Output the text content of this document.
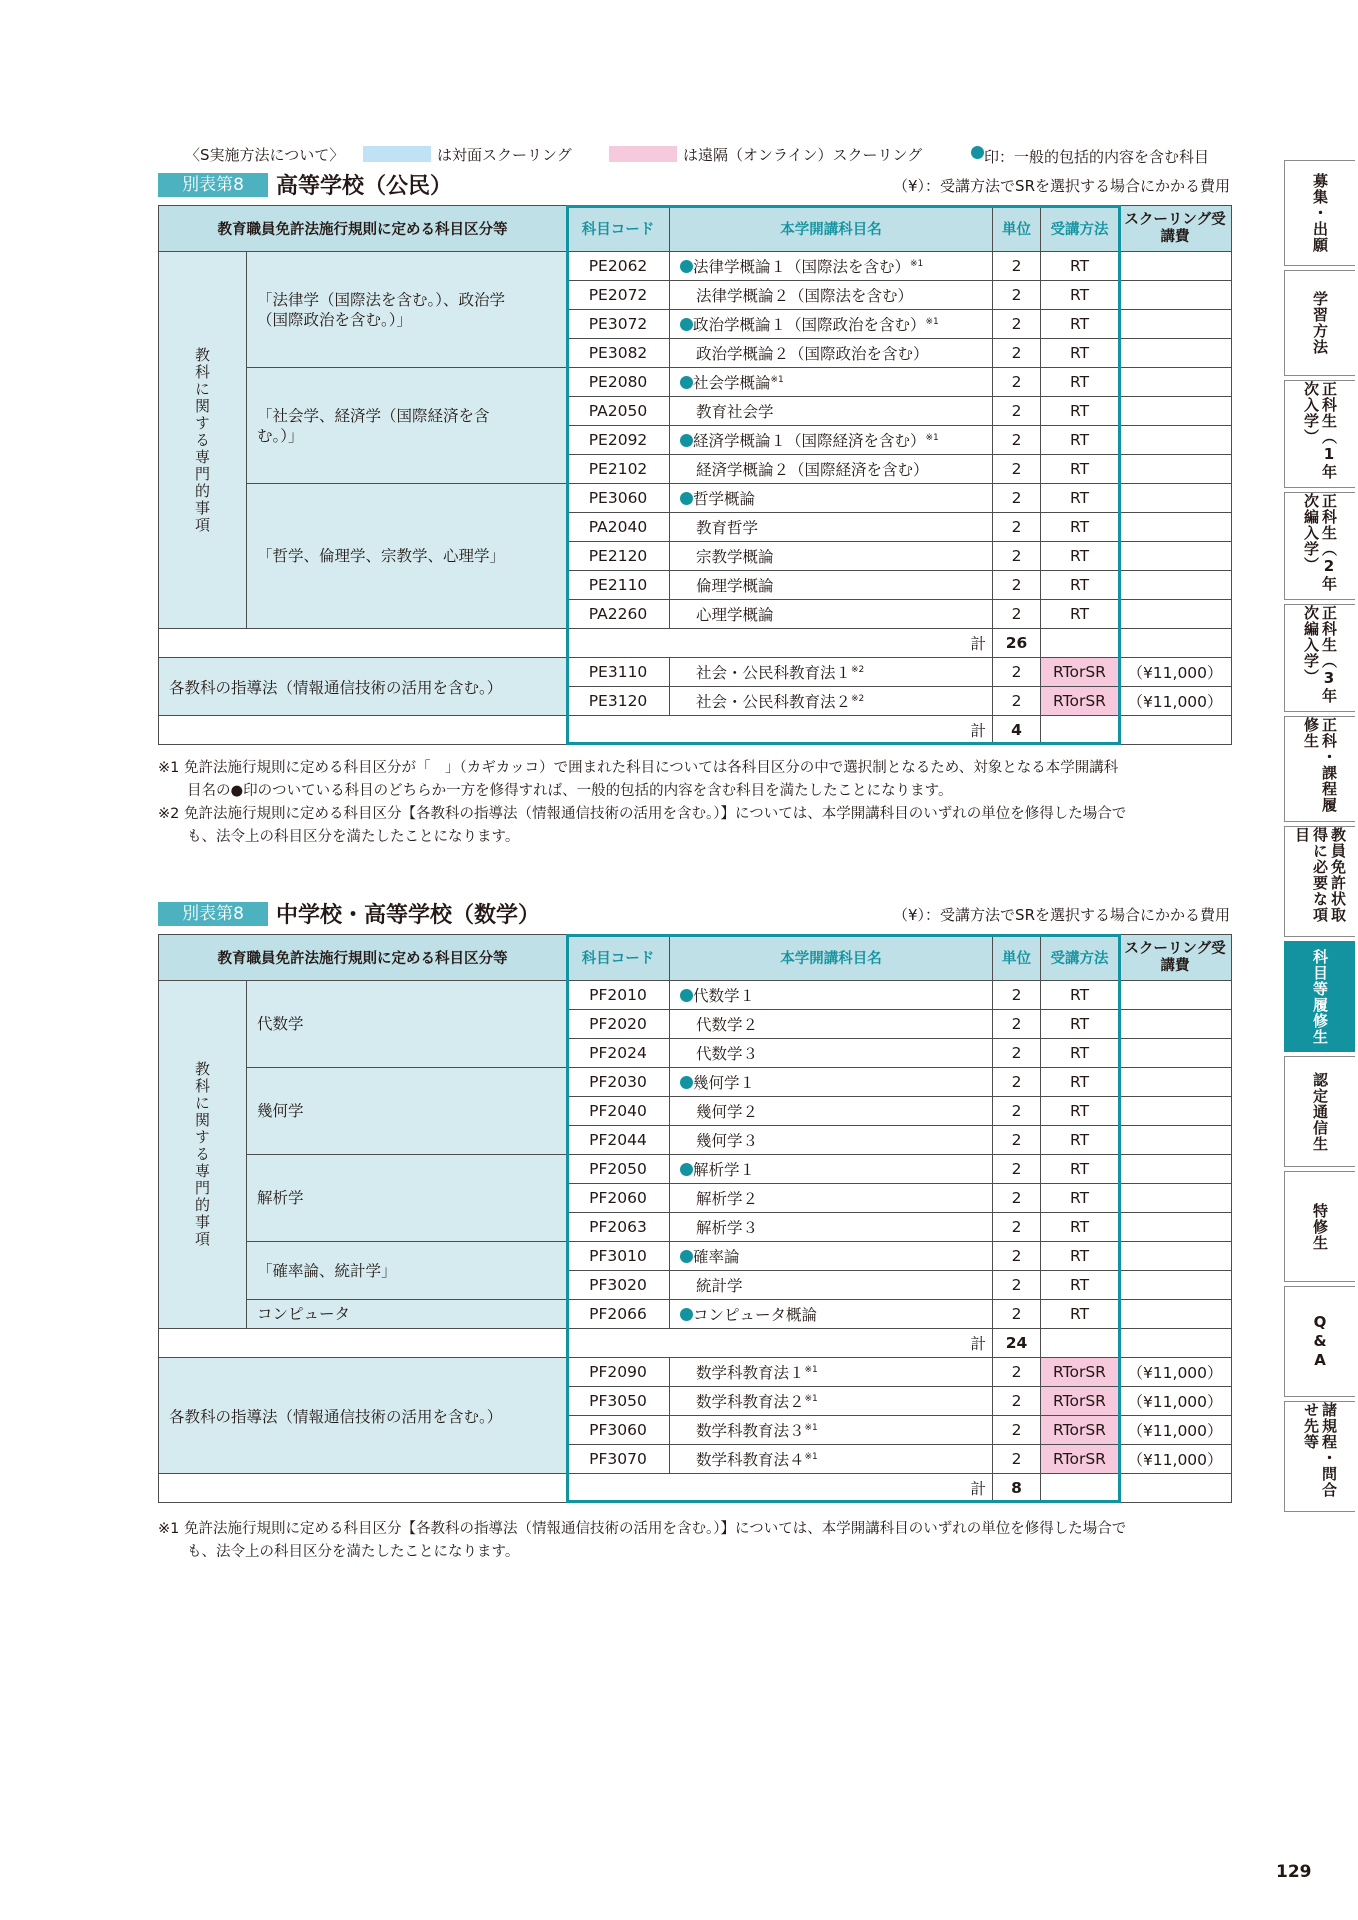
〈S実施方法について〉	は対面スクーリング	は遠隔（オンライン）スクーリング	印：一般的包括的内容を含む科目
別表第8	高等学校（公民）	（¥）：受講方法でSRを選択する場合にかかる費用
教育職員免許法施行規則に定める科目区分等		科目コード	本学開講科目名	単位	受講方法	スクーリング受講費

教科に関する専門的事項	「法律学（国際法を含む。）、政治学（国際政治を含む。）」	PE2062	法律学概論１（国際法を含む）$^{※1}$	2	RT	
		PE2072	法律学概論２（国際法を含む）	2	RT	
		PE3072	政治学概論１（国際政治を含む）$^{※1}$	2	RT	
		PE3082	政治学概論２（国際政治を含む）	2	RT	
	「社会学、経済学（国際経済を含む。）」	PE2080	社会学概論$^{※1}$	2	RT	
		PA2050	教育社会学	2	RT	
		PE2092	経済学概論１（国際経済を含む）$^{※1}$	2	RT	
		PE2102	経済学概論２（国際経済を含む）	2	RT	
	「哲学、倫理学、宗教学、心理学」	PE3060	哲学概論	2	RT	
		PA2040	教育哲学	2	RT	
		PE2120	宗教学概論	2	RT	
		PE2110	倫理学概論	2	RT	
		PA2260	心理学概論	2	RT	
		計		26		
各教科の指導法（情報通信技術の活用を含む。）		PE3110	社会・公民科教育法１$^{※2}$	2	RTorSR	（¥11,000）
		PE3120	社会・公民科教育法２$^{※2}$	2	RTorSR	（¥11,000）
		計		4		
※1 免許法施行規則に定める科目区分が「　」（カギカッコ）で囲まれた科目については各科目区分の中で選択制となるため、対象となる本学開講科
目名の●印のついている科目のどちらか一方を修得すれば、一般的包括的内容を含む科目を満たしたことになります。
※2 免許法施行規則に定める科目区分【各教科の指導法（情報通信技術の活用を含む。）】については、本学開講科目のいずれの単位を修得した場合で
も、法令上の科目区分を満たしたことになります。
別表第8	中学校・高等学校（数学）	（¥）：受講方法でSRを選択する場合にかかる費用
教育職員免許法施行規則に定める科目区分等		科目コード	本学開講科目名	単位	受講方法	スクーリング受講費

教科に関する専門的事項	代数学	PF2010	代数学１	2	RT	
		PF2020	代数学２	2	RT	
		PF2024	代数学３	2	RT	
	幾何学	PF2030	幾何学１	2	RT	
		PF2040	幾何学２	2	RT	
		PF2044	幾何学３	2	RT	
	解析学	PF2050	解析学１	2	RT	
		PF2060	解析学２	2	RT	
		PF2063	解析学３	2	RT	
	「確率論、統計学」	PF3010	確率論	2	RT	
		PF3020	統計学	2	RT	
	コンピュータ	PF2066	コンピュータ概論	2	RT	
		計		24		
各教科の指導法（情報通信技術の活用を含む。）		PF2090	数学科教育法１$^{※1}$	2	RTorSR	（¥11,000）
		PF3050	数学科教育法２$^{※1}$	2	RTorSR	（¥11,000）
		PF3060	数学科教育法３$^{※1}$	2	RTorSR	（¥11,000）
		PF3070	数学科教育法４$^{※1}$	2	RTorSR	（¥11,000）
		計		8		
※1 免許法施行規則に定める科目区分【各教科の指導法（情報通信技術の活用を含む。）】については、本学開講科目のいずれの単位を修得した場合で
も、法令上の科目区分を満たしたことになります。
募集・出願
学習方法
正科生（1年次入学）
正科生（2年次編入学）
正科生（3年次編入学）
正科・課程履修生
教員免許状取得に必要な項目
科目等履修生
認定通信生
特修生
Q&A
諸規程・問合せ先等
129
